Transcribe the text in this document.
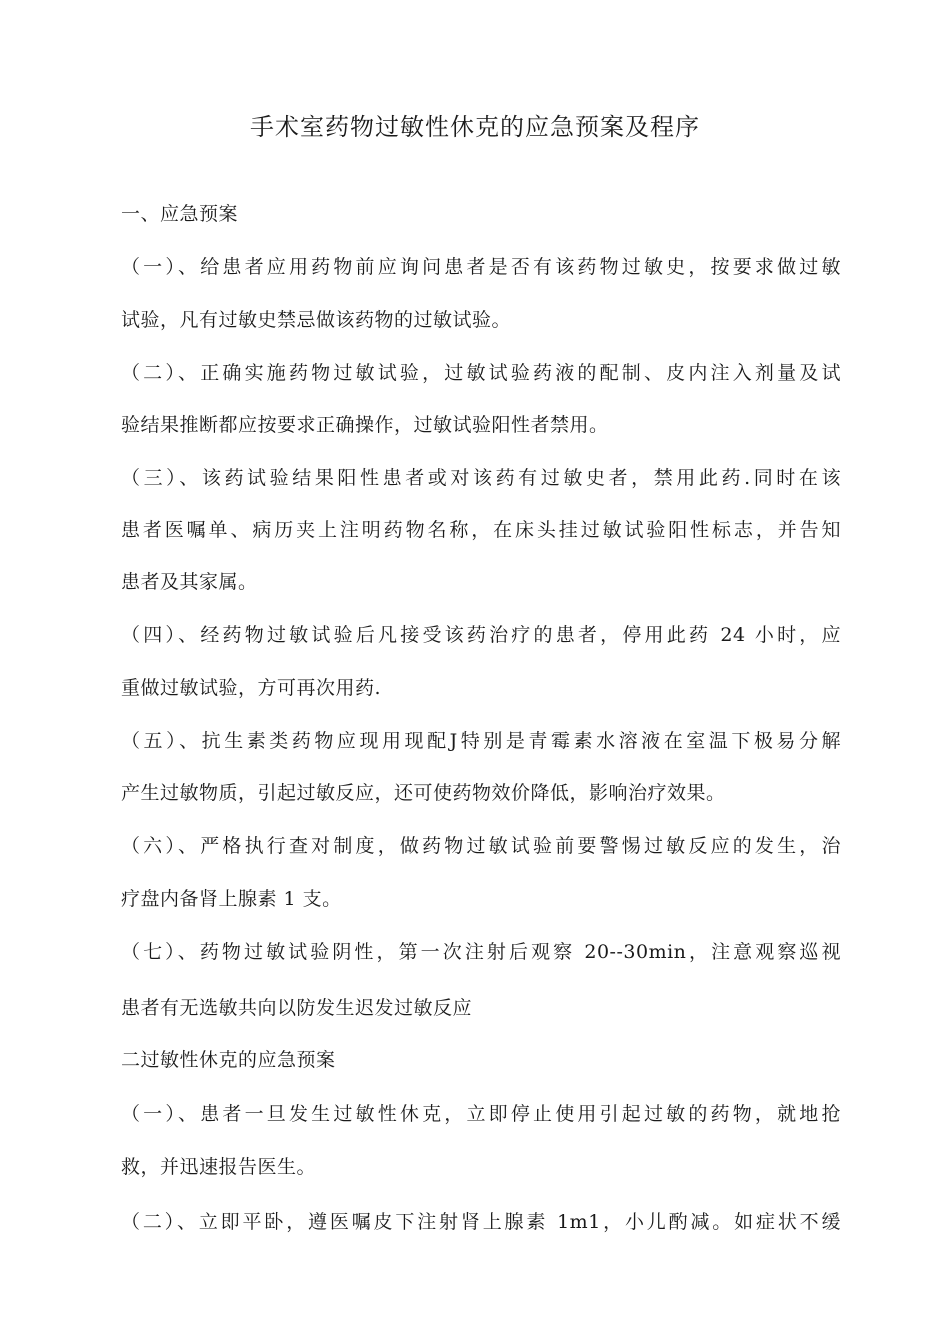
手术室药物过敏性休克的应急预案及程序
一、应急预案
（一）、给患者应用药物前应询问患者是否有该药物过敏史，按要求做过敏
试验，凡有过敏史禁忌做该药物的过敏试验。
（二）、正确实施药物过敏试验，过敏试验药液的配制、皮内注入剂量及试
验结果推断都应按要求正确操作，过敏试验阳性者禁用。
（三）、该药试验结果阳性患者或对该药有过敏史者，禁用此药.同时在该
患者医嘱单、病历夹上注明药物名称，在床头挂过敏试验阳性标志，并告知
患者及其家属。
（四）、经药物过敏试验后凡接受该药治疗的患者，停用此药 24 小时，应
重做过敏试验，方可再次用药.
（五）、抗生素类药物应现用现配J特别是青霉素水溶液在室温下极易分解
产生过敏物质，引起过敏反应，还可使药物效价降低，影响治疗效果。
（六）、严格执行查对制度，做药物过敏试验前要警惕过敏反应的发生，治
疗盘内备肾上腺素 1 支。
（七）、药物过敏试验阴性，第一次注射后观察 20--30min，注意观察巡视
患者有无选敏共向以防发生迟发过敏反应
二过敏性休克的应急预案
（一）、患者一旦发生过敏性休克，立即停止使用引起过敏的药物，就地抢
救，并迅速报告医生。
（二）、立即平卧，遵医嘱皮下注射肾上腺素 1m1，小儿酌减。如症状不缓
